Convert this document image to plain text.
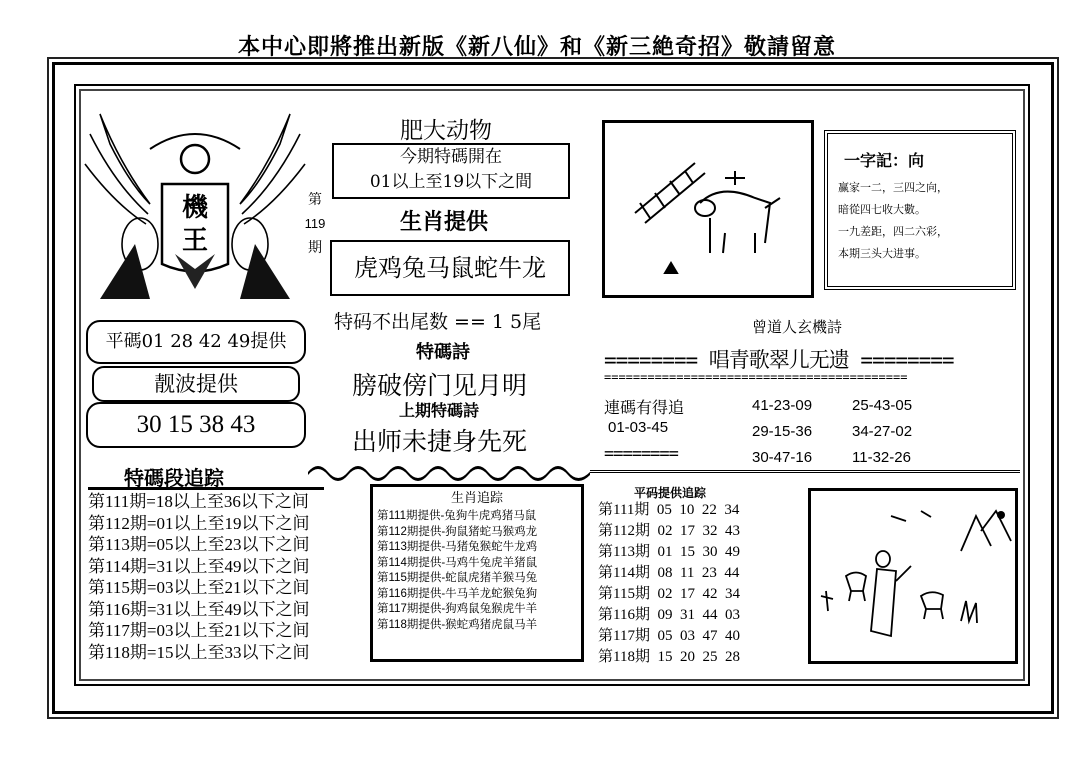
本中心即將推出新版《新八仙》和《新三絶奇招》敬請留意
機
王
第
119
期
肥大动物
今期特碼開在
01以上至19以下之間
生肖提供
虎鸡兔马鼠蛇牛龙
特码不出尾数 == 1 5尾
特碼詩
膀破傍门见月明
上期特碼詩
出师未捷身先死
平碼01 28 42 49提供
靓波提供
30 15 38 43
一字記：向
赢家一二，三四之向，
暗從四七收大數。
一九差距，四二六彩，
本期三头大进事。
曾道人玄機詩
======== 唱青歌翠儿无遗 ========
==========================================
連碼有得追
01-03-45
========
41-23-09
29-15-36
30-47-16
25-43-05
34-27-02
11-32-26
特碼段追踪
第111期=18以上至36以下之间
第112期=01以上至19以下之间
第113期=05以上至23以下之间
第114期=31以上至49以下之间
第115期=03以上至21以下之间
第116期=31以上至49以下之间
第117期=03以上至21以下之间
第118期=15以上至33以下之间
生肖追踪
第111期提供-兔狗牛虎鸡猪马鼠
第112期提供-狗鼠猪蛇马猴鸡龙
第113期提供-马猪兔猴蛇牛龙鸡
第114期提供-马鸡牛兔虎羊猪鼠
第115期提供-蛇鼠虎猪羊猴马兔
第116期提供-牛马羊龙蛇猴兔狗
第117期提供-狗鸡鼠兔猴虎牛羊
第118期提供-猴蛇鸡猪虎鼠马羊
平码提供追踪
第111期  05  10  22  34
第112期  02  17  32  43
第113期  01  15  30  49
第114期  08  11  23  44
第115期  02  17  42  34
第116期  09  31  44  03
第117期  05  03  47  40
第118期  15  20  25  28
